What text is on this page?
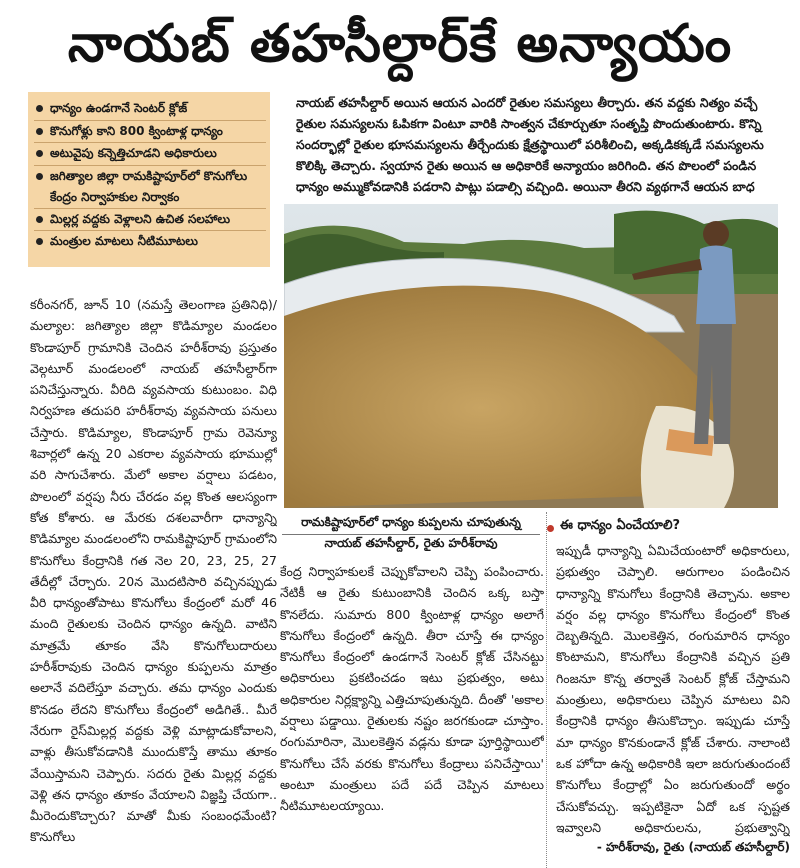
నాయబ్ తహసీల్దార్‌కే అన్యాయం
ధాన్యం ఉండగానే సెంటర్ క్లోజ్
కొనుగోళ్లు కాని 800 క్వింటాళ్ల ధాన్యం
అటువైపు కన్నెత్తిచూడని అధికారులు
జగిత్యాల జిల్లా రామకిష్టాపూర్‌లో కొనుగోలు కేంద్రం నిర్వాహకుల నిర్వాకం
మిల్లర్ల వద్దకు వెళ్లాలని ఉచిత సలహాలు
మంత్రుల మాటలు నీటిమూటలు
నాయబ్ తహసీల్దార్ అయిన ఆయన ఎందరో రైతుల సమస్యలు తీర్చారు. తన వద్దకు నిత్యం వచ్చే రైతుల సమస్యలను ఓపికగా వింటూ వారికి సాంత్వన చేకూర్చుతూ సంతృప్తి పొందుతుంటారు. కొన్ని సందర్భాల్లో రైతుల భూసమస్యలను తీర్చేందుకు క్షేత్రస్థాయిలో పరిశీలించి, అక్కడికక్కడే సమస్యలను కొలిక్కి తెచ్చారు. స్వయాన రైతు అయిన ఆ అధికారికే అన్యాయం జరిగింది. తన పొలంలో పండిన ధాన్యం అమ్ముకోవడానికి పడరాని పాట్లు పడాల్సి వచ్చింది. అయినా తీరని వ్యథగానే ఆయన బాధ
కరీంనగర్, జూన్ 10 (నమస్తే తెలంగాణ ప్రతినిధి)/మల్యాల: జగిత్యాల జిల్లా కొడిమ్యాల మండలం కొండాపూర్ గ్రామానికి చెందిన హరీశ్‌రావు ప్రస్తుతం వెల్గటూర్ మండలంలో నాయబ్ తహసీల్దార్‌గా పనిచేస్తున్నారు. వీరిది వ్యవసాయ కుటుంబం. విధి నిర్వహణ తదుపరి హరీశ్‌రావు వ్యవసాయ పనులు చేస్తారు. కొడిమ్యాల, కొండాపూర్ గ్రామ రెవెన్యూ శివార్లలో ఉన్న 20 ఎకరాల వ్యవసాయ భూముల్లో వరి సాగుచేశారు. మేలో అకాల వర్షాలు పడటం, పొలంలో వర్షపు నీరు చేరడం వల్ల కొంత ఆలస్యంగా కోత కోశారు. ఆ మేరకు దశలవారీగా ధాన్యాన్ని కొడిమ్యాల మండలంలోని రామకిష్టాపూర్ గ్రామంలోని కొనుగోలు కేంద్రానికి గత నెల 20, 23, 25, 27 తేదీల్లో చేర్చారు. 20న మొదటిసారి వచ్చినప్పుడు వీరి ధాన్యంతోపాటు కొనుగోలు కేంద్రంలో మరో 46 మంది రైతులకు చెందిన ధాన్యం ఉన్నది. వాటిని మాత్రమే తూకం వేసి కొనుగోలుదారులు హరీశ్‌రావుకు చెందిన ధాన్యం కుప్పలను మాత్రం అలానే వదిలేస్తూ వచ్చారు. తమ ధాన్యం ఎందుకు కొనడం లేదని కొనుగోలు కేంద్రంలో అడిగితే.. మీరే నేరుగా రైస్‌మిల్లర్ల వద్దకు వెళ్లి మాట్లాడుకోవాలని, వాళ్లు తీసుకోవడానికి ముందుకొస్తే తాము తూకం వేయిస్తామని చెప్పారు. సదరు రైతు మిల్లర్ల వద్దకు వెళ్లి తన ధాన్యం తూకం వేయాలని విజ్ఞప్తి చేయగా.. మీరెందుకొచ్చారు? మాతో మీకు సంబంధమేంటి? కొనుగోలు
రామకిష్టాపూర్‌లో ధాన్యం కుప్పలను చూపుతున్న
నాయబ్ తహసీల్దార్, రైతు హరీశ్‌రావు
కేంద్ర నిర్వాహకులకే చెప్పుకోవాలని చెప్పి పంపించారు. నేటికీ ఆ రైతు కుటుంబానికి చెందిన ఒక్క బస్తా కొనలేదు. సుమారు 800 క్వింటాళ్ల ధాన్యం అలాగే కొనుగోలు కేంద్రంలో ఉన్నది. తీరా చూస్తే ఈ ధాన్యం కొనుగోలు కేంద్రంలో ఉండగానే సెంటర్ క్లోజ్ చేసినట్టు అధికారులు ప్రకటించడం ఇటు ప్రభుత్వం, అటు అధికారుల నిర్లక్ష్యాన్ని ఎత్తిచూపుతున్నది. దీంతో 'అకాల వర్షాలు పడ్డాయి. రైతులకు నష్టం జరగకుండా చూస్తాం. రంగుమారినా, మొలకెత్తిన వడ్లను కూడా పూర్తిస్థాయిలో కొనుగోలు చేసే వరకు కొనుగోలు కేంద్రాలు పనిచేస్తాయి' అంటూ మంత్రులు పదే పదే చెప్పిన మాటలు నీటిమూటలయ్యాయి.
ఈ ధాన్యం ఏంచేయాలి?
ఇప్పుడీ ధాన్యాన్ని ఏమిచేయంటారో అధికారులు, ప్రభుత్వం చెప్పాలి. ఆరుగాలం పండించిన ధాన్యాన్ని కొనుగోలు కేంద్రానికి తెచ్చాను. అకాల వర్షం వల్ల ధాన్యం కొనుగోలు కేంద్రంలో కొంత దెబ్బతిన్నది. మొలకెత్తిన, రంగుమారిన ధాన్యం కొంటామని, కొనుగోలు కేంద్రానికి వచ్చిన ప్రతి గింజనూ కొన్న తర్వాతే సెంటర్ క్లోజ్ చేస్తామని మంత్రులు, అధికారులు చెప్పిన మాటలు విని కేంద్రానికి ధాన్యం తీసుకొచ్చాం. ఇప్పుడు చూస్తే మా ధాన్యం కొనకుండానే క్లోజ్ చేశారు. నాలాంటి ఒక హోదా ఉన్న అధికారికి ఇలా జరుగుతుందంటే కొనుగోలు కేంద్రాల్లో ఏం జరుగుతుందో అర్థం చేసుకోవచ్చు. ఇప్పటికైనా ఏదో ఒక స్పష్టత ఇవ్వాలని అధికారులను, ప్రభుత్వాన్ని
- హరీశ్‌రావు, రైతు (నాయబ్ తహసీల్దార్)
